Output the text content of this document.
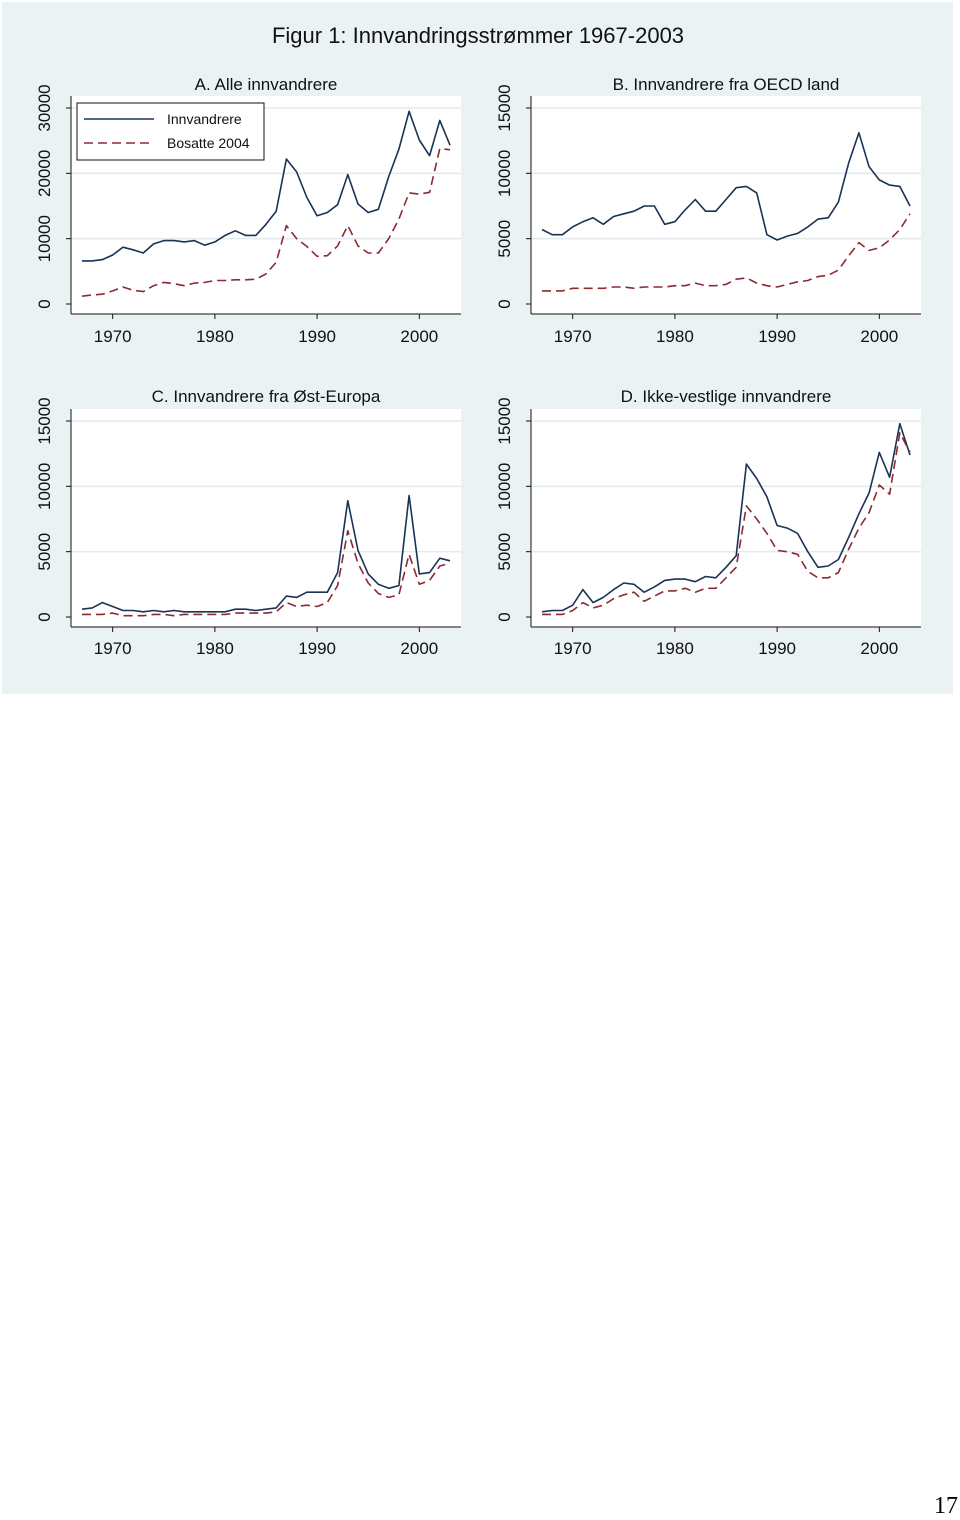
Figur 1: Innvandringsstrømmer 1967-2003
0
10000
20000
30000
1970	1980	1990	2000
A. Alle innvandrere
Innvandrere
Bosatte 2004
0
5000
10000
15000
1970	1980	1990	2000
B. Innvandrere fra OECD land
0
5000
10000
15000
1970	1980	1990	2000
C. Innvandrere fra Øst-Europa
0
5000
10000
15000
1970	1980	1990	2000
D. Ikke-vestlige innvandrere
17
